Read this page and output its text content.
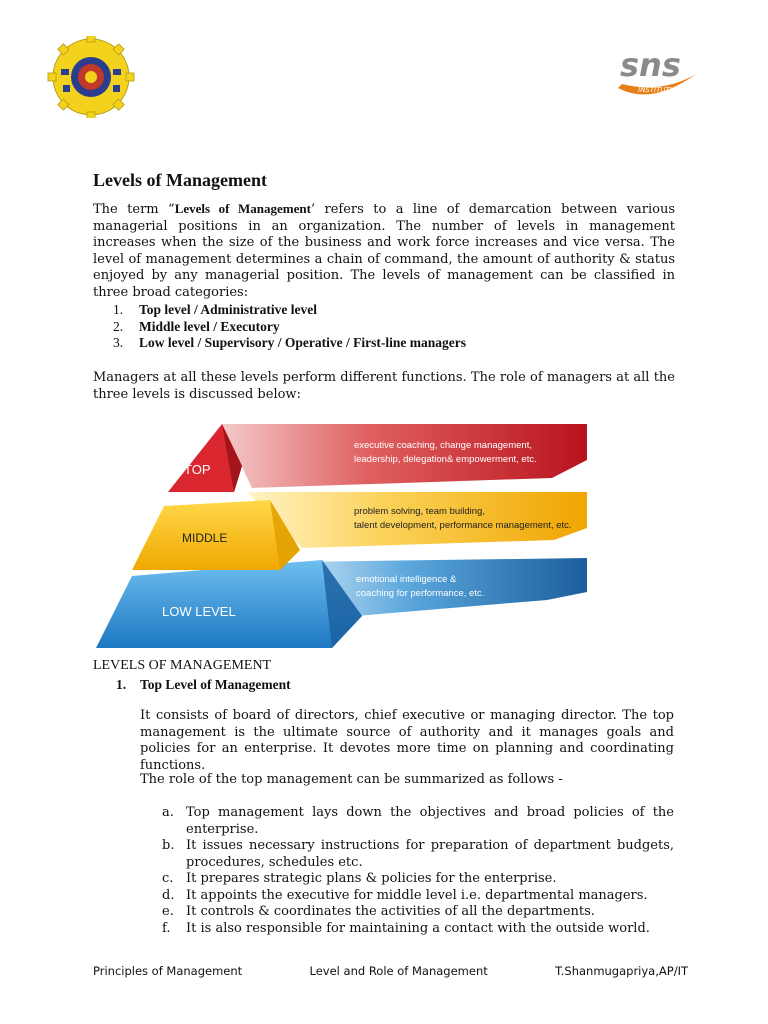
sns
INSTITUTIONS
Levels of Management

The term “Levels of Management’ refers to a line of demarcation between various managerial positions in an organization. The number of levels in management increases when the size of the business and work force increases and vice versa. The level of management determines a chain of command, the amount of authority & status enjoyed by any managerial position. The levels of management can be classified in three broad categories:

1. Top level / Administrative level
2. Middle level / Executory
3. Low level / Supervisory / Operative / First-line managers

Managers at all these levels perform different functions. The role of managers at all the three levels is discussed below:

TOP
MIDDLE
LOW LEVEL
executive coaching, change management,
leadership, delegation& empowerment, etc.
problem solving, team building,
talent development, performance management, etc.
emotional intelligence &
coaching for performance, etc.
LEVELS OF MANAGEMENT
1. Top Level of Management

It consists of board of directors, chief executive or managing director. The top management is the ultimate source of authority and it manages goals and policies for an enterprise. It devotes more time on planning and coordinating functions.

The role of the top management can be summarized as follows -

a. Top management lays down the objectives and broad policies of the enterprise.
b. It issues necessary instructions for preparation of department budgets, procedures, schedules etc.
c. It prepares strategic plans & policies for the enterprise.
d. It appoints the executive for middle level i.e. departmental managers.
e. It controls & coordinates the activities of all the departments.
f.	It is also responsible for maintaining a contact with the outside world.
Principles of Management	Level and Role of Management	T.Shanmugapriya,AP/IT
